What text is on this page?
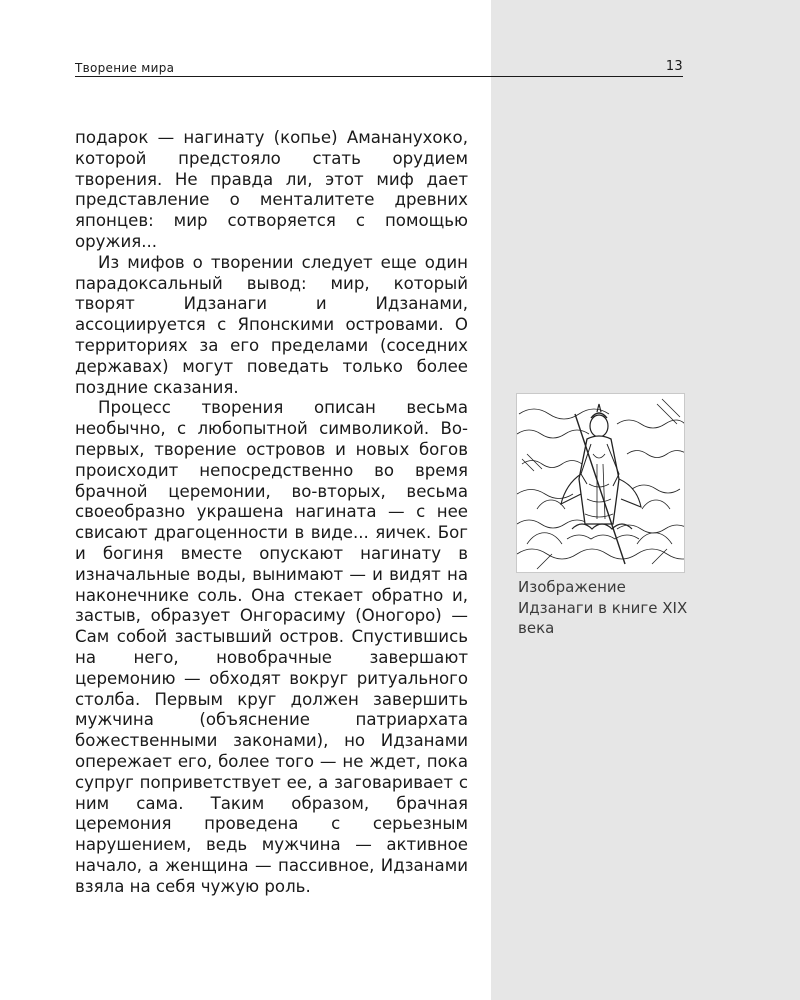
Творение мира	13

подарок — нагинату (копье) Амананухоко, которой предстояло стать орудием творения. Не правда ли, этот миф дает представление о менталитете древних японцев: мир сотворяется с помощью оружия...

Из мифов о творении следует еще один парадоксальный вывод: мир, который творят Идзанаги и Идзанами, ассоциируется с Японскими островами. О территориях за его пределами (соседних державах) могут поведать только более поздние сказания.

Процесс творения описан весьма необычно, с любопытной символикой. Во-первых, творение островов и новых богов происходит непосредственно во время брачной церемонии, во-вторых, весьма своеобразно украшена нагината — с нее свисают драгоценности в виде... яичек. Бог и богиня вместе опускают нагинату в изначальные воды, вынимают — и видят на наконечнике соль. Она стекает обратно и, застыв, образует Онгорасиму (Оногоро) — Сам собой застывший остров. Спустившись на него, новобрачные завершают церемонию — обходят вокруг ритуального столба. Первым круг должен завершить мужчина (объяснение патриархата божественными законами), но Идзанами опережает его, более того — не ждет, пока супруг поприветствует ее, а заговаривает с ним сама. Таким образом, брачная церемония проведена с серьезным нарушением, ведь мужчина — активное начало, а женщина — пассивное, Идзанами взяла на себя чужую роль.

Изображение Идзанаги в книге XIX века
